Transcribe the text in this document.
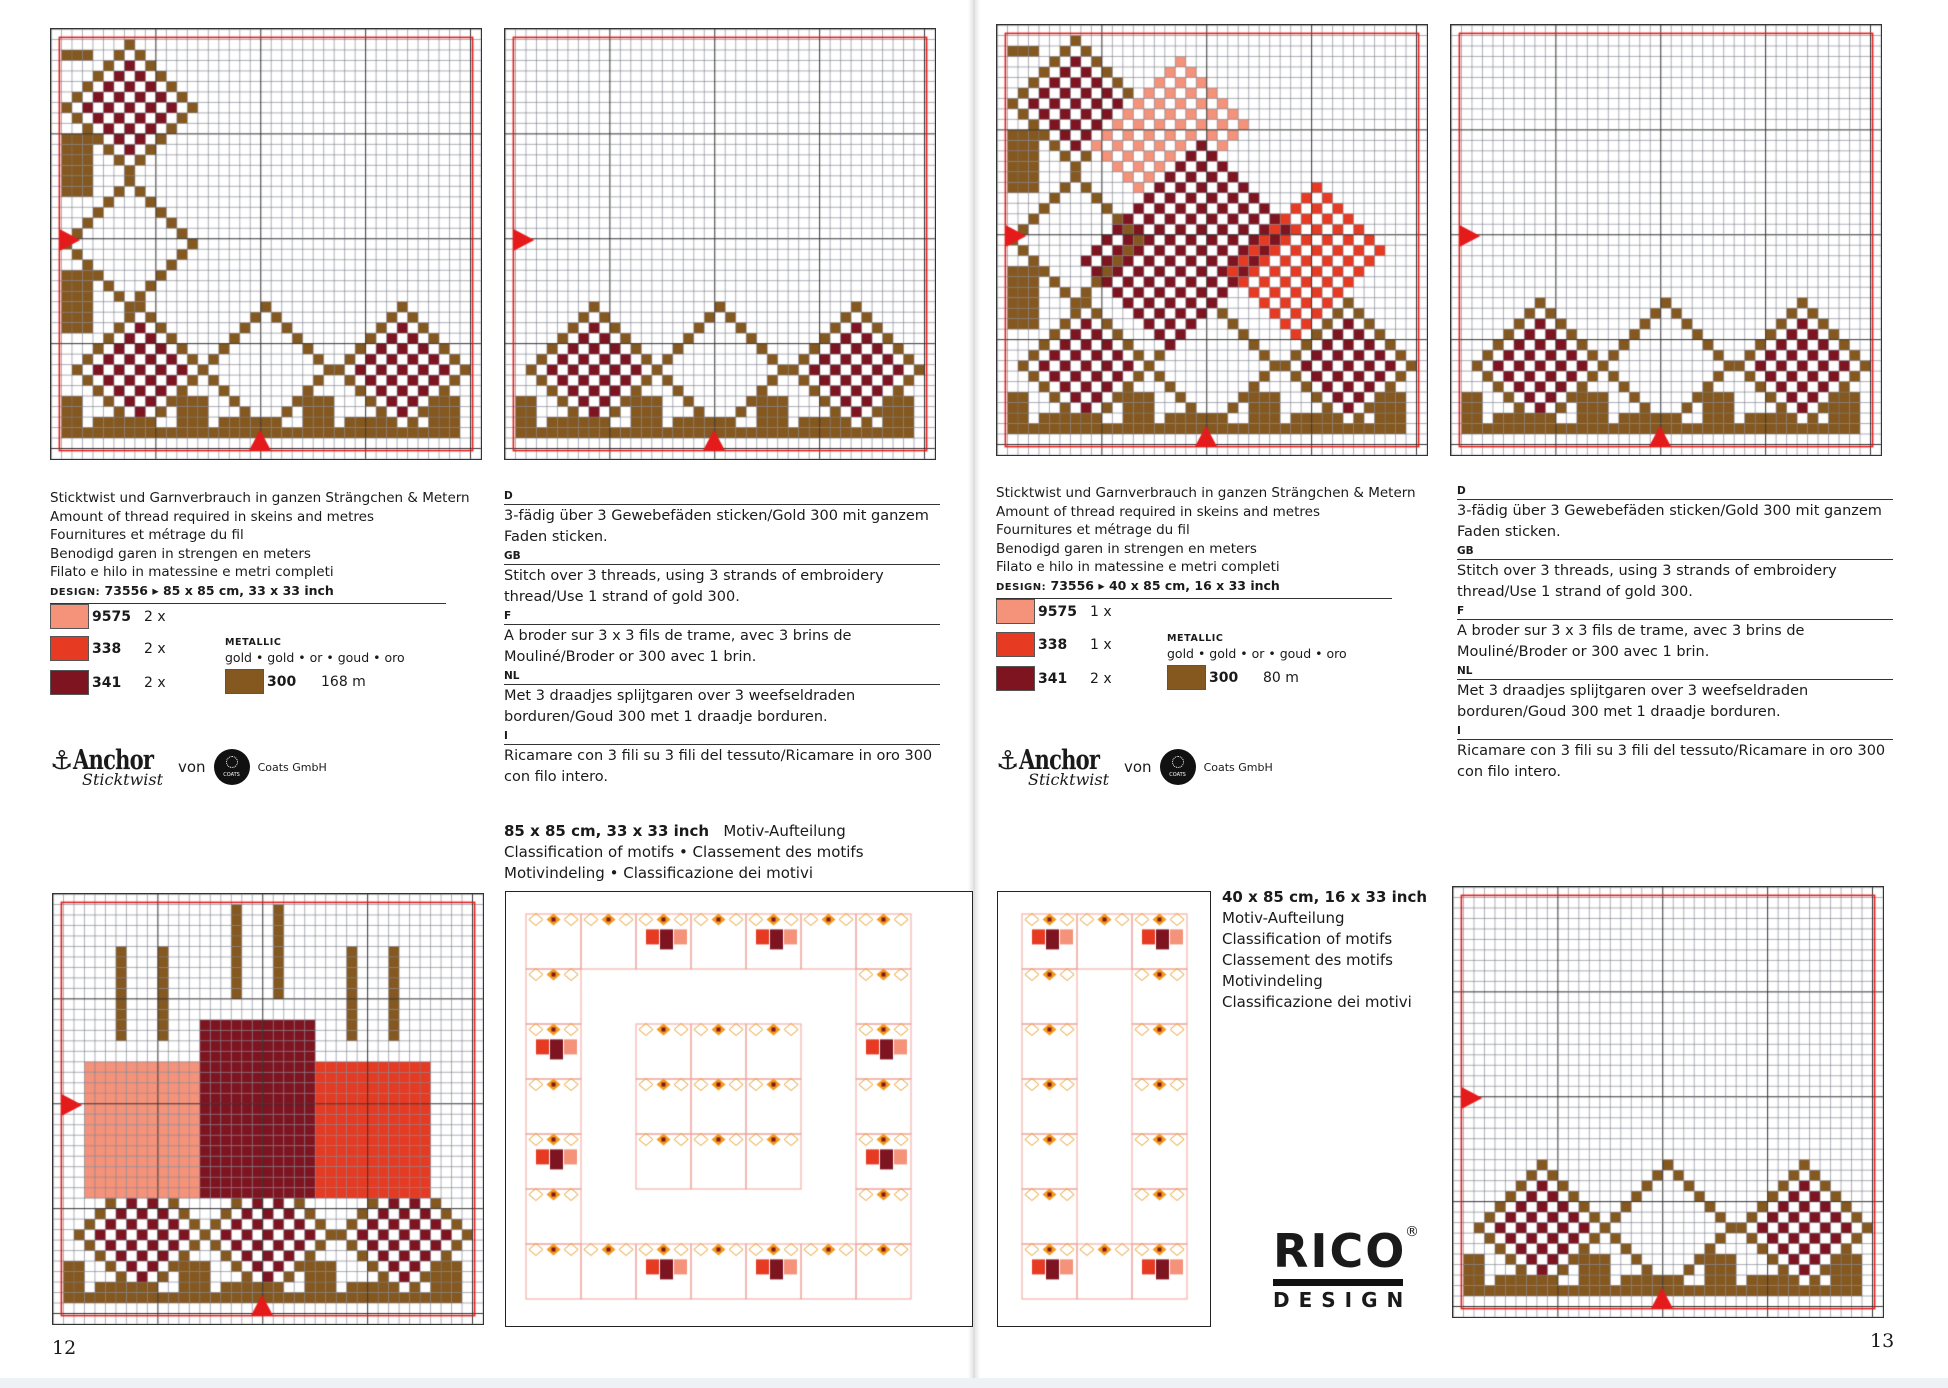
Sticktwist und Garnverbrauch in ganzen Strängchen & Metern
Amount of thread required in skeins and metres
Fournitures et métrage du fil
Benodigd garen in strengen en meters
Filato e hilo in matessine e metri completi
DESIGN: 73556 ▸ 85 x 85 cm, 33 x 33 inch
9575 2 x
338	2 x
341	2 x
METALLIC
gold • gold • or • goud • oro
300	168 m
⚓ Anchor
Sticktwist
von	COATS
Coats GmbH
D
3-fädig über 3 Gewebefäden sticken/Gold 300 mit ganzem Faden sticken.
GB
Stitch over 3 threads, using 3 strands of embroidery thread/Use 1 strand of gold 300.
F
A broder sur 3 x 3 fils de trame, avec 3 brins de Mouliné/Broder or 300 avec 1 brin.
NL
Met 3 draadjes splijtgaren over 3 weefseldraden borduren/Goud 300 met 1 draadje borduren.
I
Ricamare con 3 fili su 3 fili del tessuto/Ricamare in oro 300 con filo intero.
85 x 85 cm, 33 x 33 inch Motiv-Aufteilung
Classification of motifs • Classement des motifs
Motivindeling • Classificazione dei motivi
12
Sticktwist und Garnverbrauch in ganzen Strängchen & Metern
Amount of thread required in skeins and metres
Fournitures et métrage du fil
Benodigd garen in strengen en meters
Filato e hilo in matessine e metri completi
DESIGN: 73556 ▸ 40 x 85 cm, 16 x 33 inch
9575 1 x
338	1 x
341	2 x
METALLIC
gold • gold • or • goud • oro
300	80 m
⚓ Anchor
Sticktwist
von	COATS
Coats GmbH
D
3-fädig über 3 Gewebefäden sticken/Gold 300 mit ganzem Faden sticken.
GB
Stitch over 3 threads, using 3 strands of embroidery thread/Use 1 strand of gold 300.
F
A broder sur 3 x 3 fils de trame, avec 3 brins de Mouliné/Broder or 300 avec 1 brin.
NL
Met 3 draadjes splijtgaren over 3 weefseldraden borduren/Goud 300 met 1 draadje borduren.
I
Ricamare con 3 fili su 3 fili del tessuto/Ricamare in oro 300 con filo intero.
40 x 85 cm, 16 x 33 inch
Motiv-Aufteilung
Classification of motifs
Classement des motifs
Motivindeling
Classificazione dei motivi
RICO
®
DESIGN
13
